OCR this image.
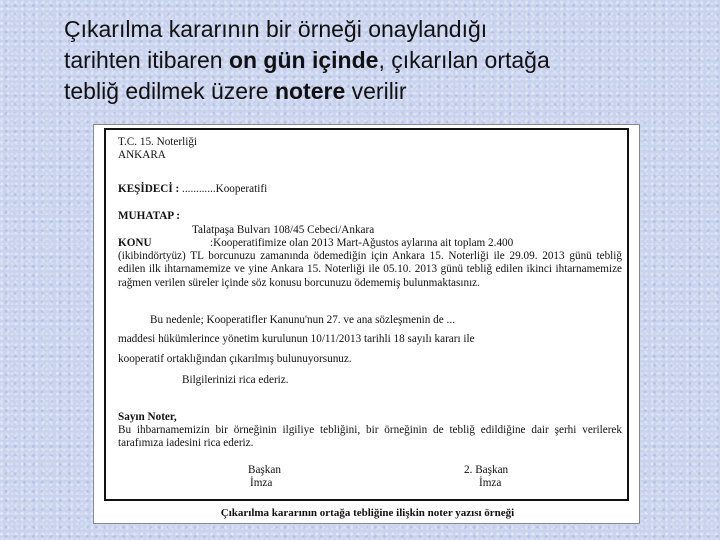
Çıkarılma kararının bir örneği onaylandığı
tarihten itibaren on gün içinde, çıkarılan ortağa
tebliğ edilmek üzere notere verilir
T.C. 15. Noterliği
ANKARA
KEŞİDECİ : ............Kooperatifi
MUHATAP :
Talatpaşa Bulvarı 108/45 Cebeci/Ankara
KONU	:Kooperatifimize olan 2013 Mart-Ağustos aylarına ait toplam 2.400
(ikibindörtyüz) TL borcunuzu zamanında ödemediğin için Ankara 15. Noterliği ile 29.09. 2013 günü tebliğ edilen ilk ihtarnamemize ve yine Ankara 15. Noterliği ile 05.10. 2013 günü tebliğ edilen ikinci ihtarnamemize rağmen verilen süreler içinde söz konusu borcunuzu ödememiş bulunmaktasınız.
Bu nedenle; Kooperatifler Kanunu'nun 27. ve ana sözleşmenin de ...
maddesi hükümlerince yönetim kurulunun 10/11/2013 tarihli 18 sayılı kararı ile
kooperatif ortaklığından çıkarılmış bulunuyorsunuz.
Bilgilerinizi rica ederiz.
Sayın Noter,
Bu ihbarnamemizin bir örneğinin ilgiliye tebliğini, bir örneğinin de tebliğ edildiğine dair şerhi verilerek tarafımıza iadesini rica ederiz.
Başkan
İmza
2. Başkan
İmza
Çıkarılma kararının ortağa tebliğine ilişkin noter yazısı örneği
